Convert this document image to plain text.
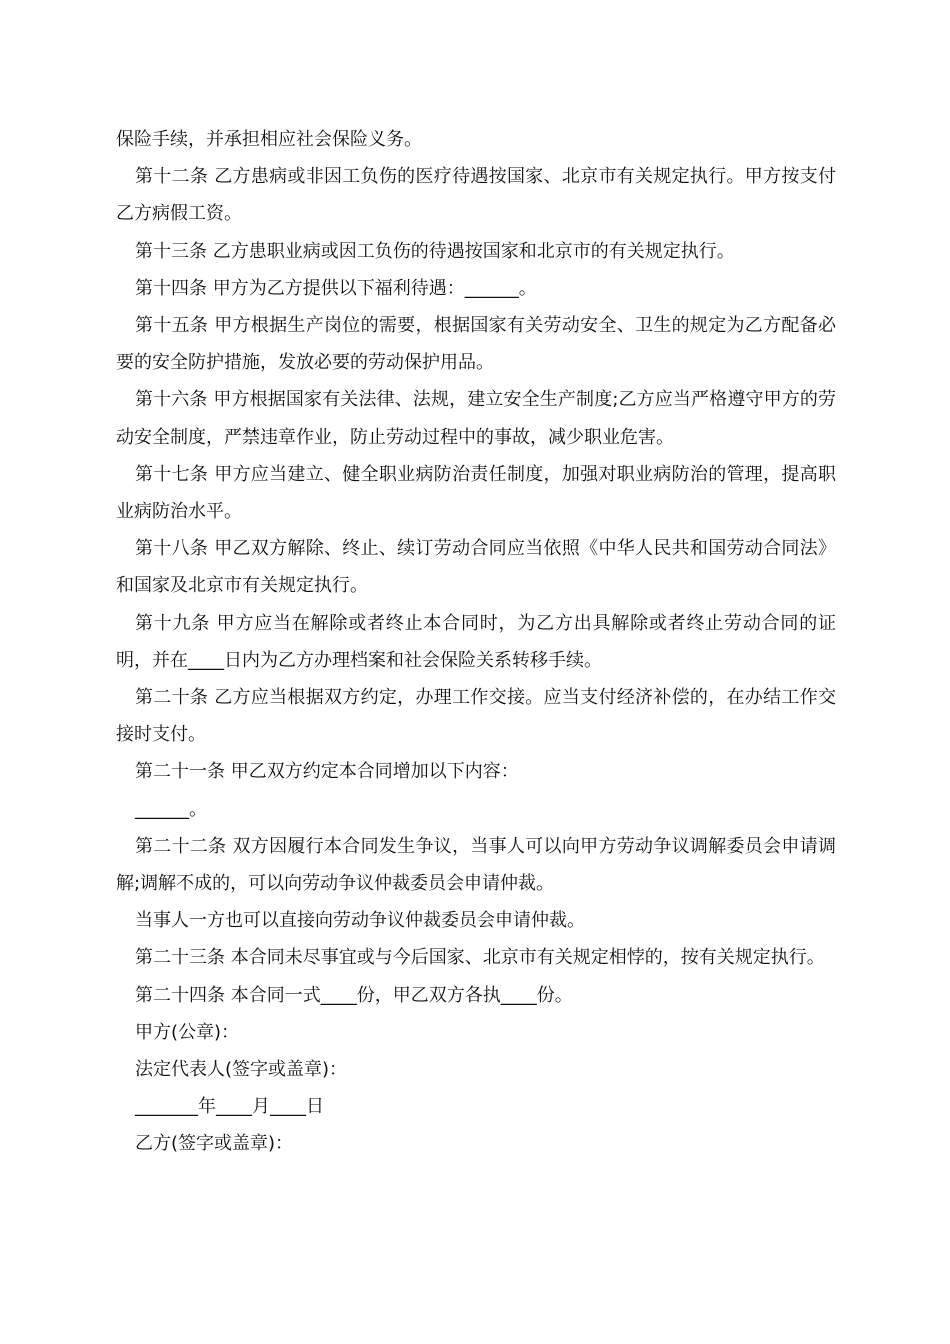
保险手续，并承担相应社会保险义务。

第十二条 乙方患病或非因工负伤的医疗待遇按国家、北京市有关规定执行。甲方按支付乙方病假工资。

第十三条 乙方患职业病或因工负伤的待遇按国家和北京市的有关规定执行。

第十四条 甲方为乙方提供以下福利待遇：______。

第十五条 甲方根据生产岗位的需要，根据国家有关劳动安全、卫生的规定为乙方配备必要的安全防护措施，发放必要的劳动保护用品。

第十六条 甲方根据国家有关法律、法规，建立安全生产制度;乙方应当严格遵守甲方的劳动安全制度，严禁违章作业，防止劳动过程中的事故，减少职业危害。

第十七条 甲方应当建立、健全职业病防治责任制度，加强对职业病防治的管理，提高职业病防治水平。

第十八条 甲乙双方解除、终止、续订劳动合同应当依照《中华人民共和国劳动合同法》和国家及北京市有关规定执行。

第十九条 甲方应当在解除或者终止本合同时，为乙方出具解除或者终止劳动合同的证明，并在____日内为乙方办理档案和社会保险关系转移手续。

第二十条 乙方应当根据双方约定，办理工作交接。应当支付经济补偿的，在办结工作交接时支付。

第二十一条 甲乙双方约定本合同增加以下内容：

______。

第二十二条 双方因履行本合同发生争议，当事人可以向甲方劳动争议调解委员会申请调解;调解不成的，可以向劳动争议仲裁委员会申请仲裁。

当事人一方也可以直接向劳动争议仲裁委员会申请仲裁。

第二十三条 本合同未尽事宜或与今后国家、北京市有关规定相悖的，按有关规定执行。

第二十四条 本合同一式____份，甲乙双方各执____份。

甲方(公章)：

法定代表人(签字或盖章)：

_______年____月____日

乙方(签字或盖章)：
